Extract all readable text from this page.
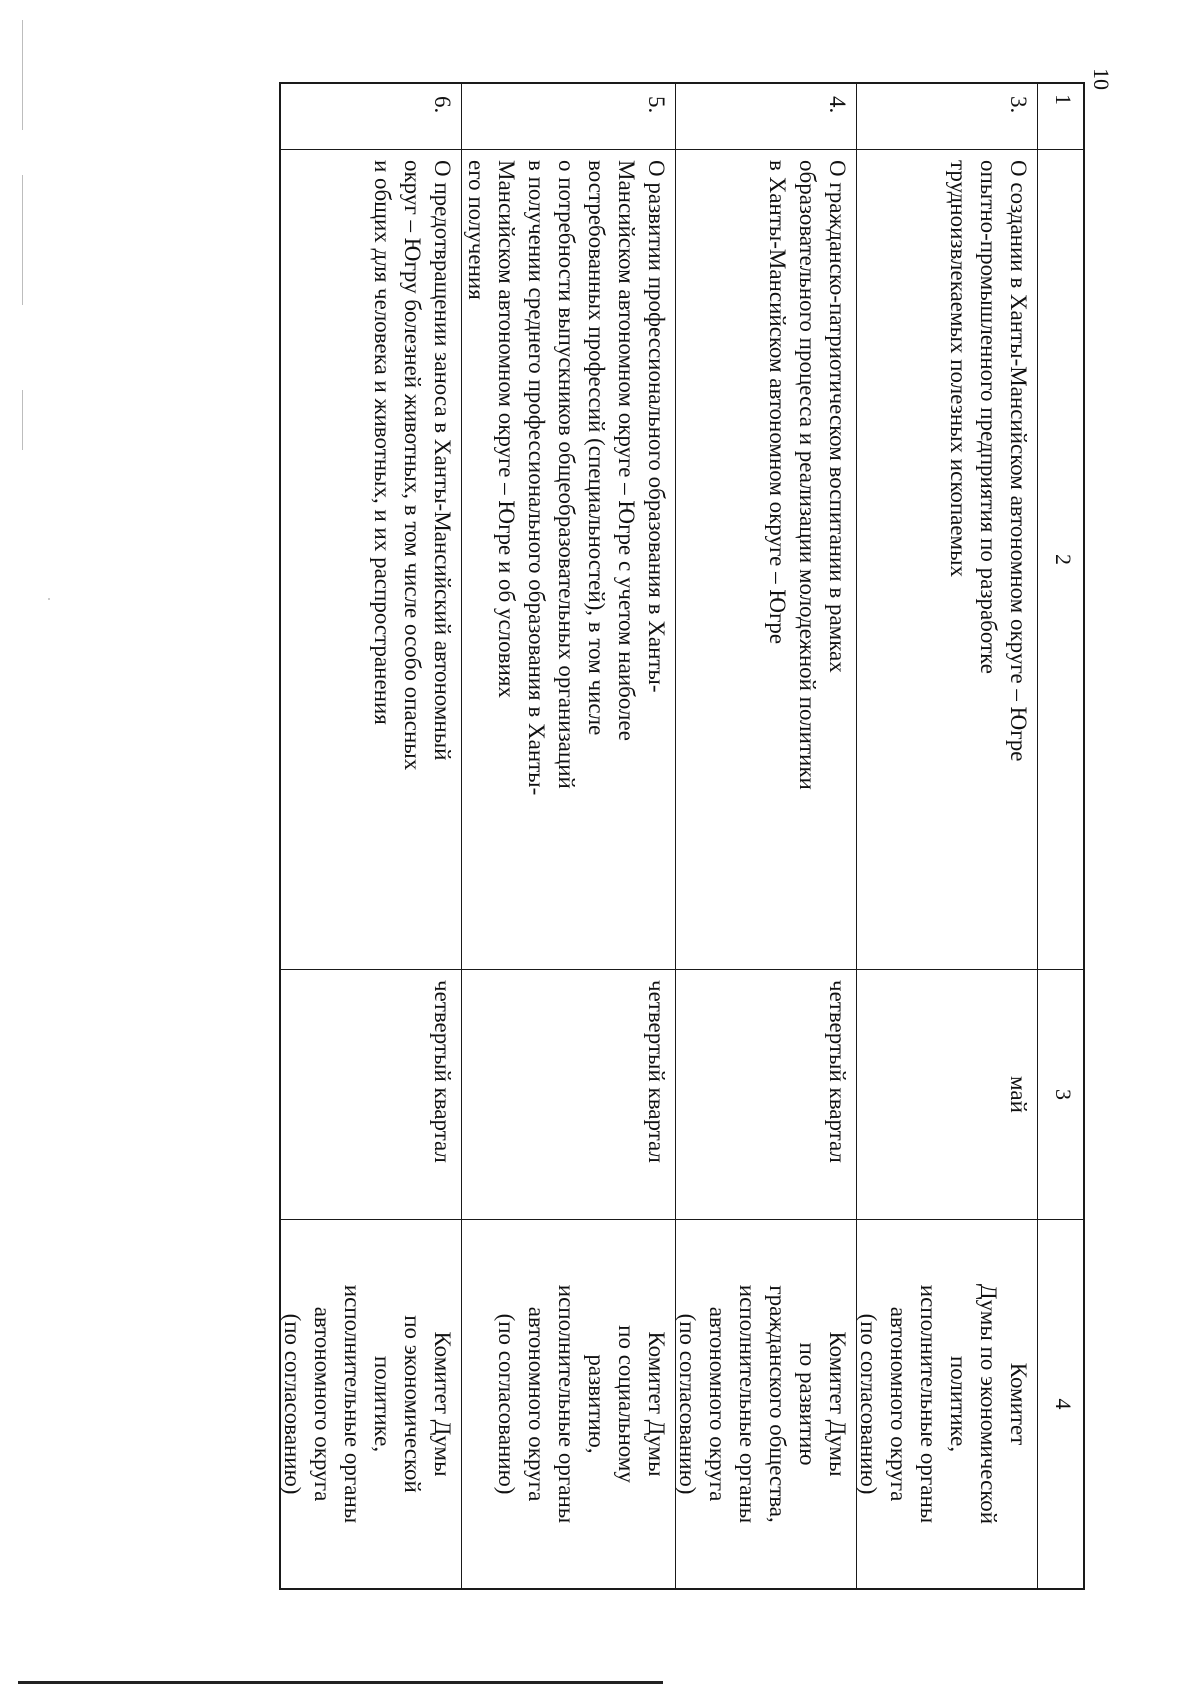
10
1
2
3
4
3.
О создании в Ханты-Мансийском автономном округе – Югре
опытно-промышленного предприятия по разработке
трудноизвлекаемых полезных ископаемых
май
Комитет
Думы по экономической
политике,
исполнительные органы
автономного округа
(по согласованию)
4.
О гражданско-патриотическом воспитании в рамках
образовательного процесса и реализации молодежной политики
в Ханты-Мансийском автономном округе – Югре
четвертый квартал
Комитет Думы
по развитию
гражданского общества,
исполнительные органы
автономного округа
(по согласованию)
5.
О развитии профессионального образования в Ханты-
Мансийском автономном округе – Югре с учетом наиболее
востребованных профессий (специальностей), в том числе
о потребности выпускников общеобразовательных организаций
в получении среднего профессионального образования в Ханты-
Мансийском автономном округе – Югре и об условиях
его получения
четвертый квартал
Комитет Думы
по социальному
развитию,
исполнительные органы
автономного округа
(по согласованию)
6.
О предотвращении заноса в Ханты-Мансийский автономный
округ – Югру болезней животных, в том числе особо опасных
и общих для человека и животных, и их распространения
четвертый квартал
Комитет Думы
по экономической
политике,
исполнительные органы
автономного округа
(по согласованию)
